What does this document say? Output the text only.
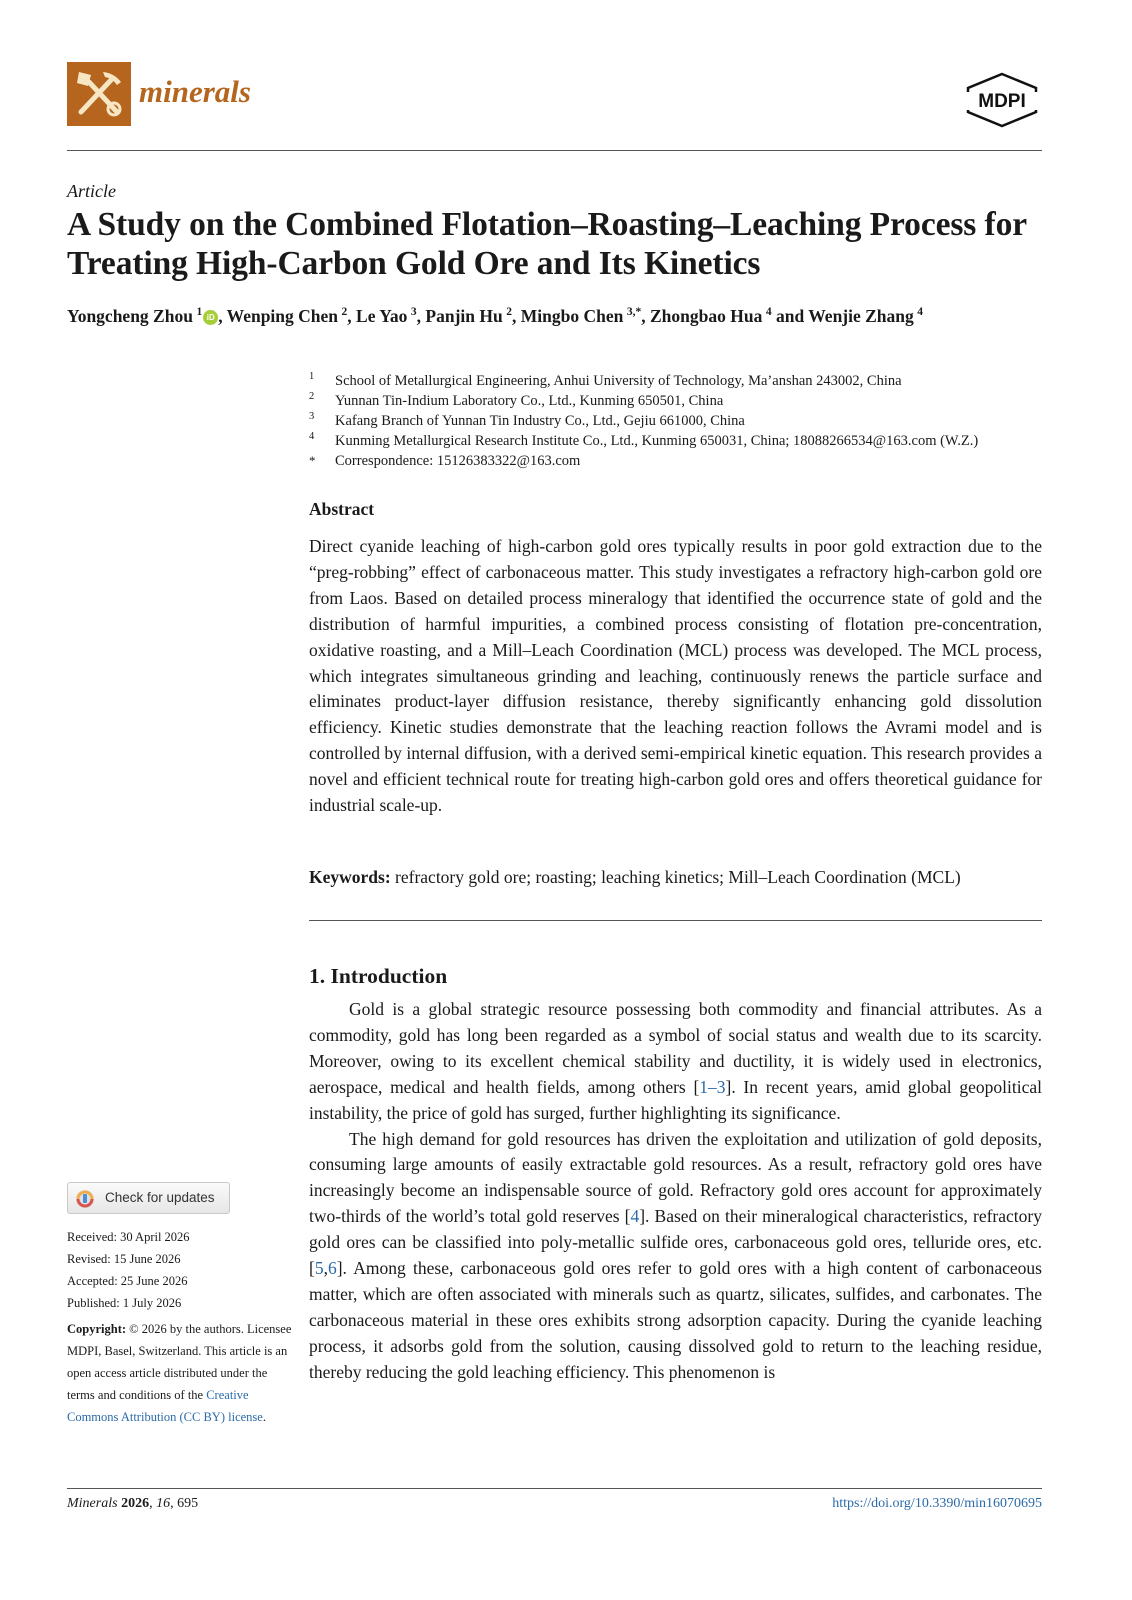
minerals	MDPI
Article
A Study on the Combined Flotation–Roasting–Leaching Process for Treating High-Carbon Gold Ore and Its Kinetics
Yongcheng Zhou  $^1$ iD , Wenping Chen  $^2$, Le Yao  $^3$, Panjin Hu  $^2$, Mingbo Chen  $^{3,*}$, Zhongbao Hua  $^4$ and Wenjie Zhang  $^4$
1 School of Metallurgical Engineering, Anhui University of Technology, Ma’anshan 243002, China
2 Yunnan Tin-Indium Laboratory Co., Ltd., Kunming 650501, China
3 Kafang Branch of Yunnan Tin Industry Co., Ltd., Gejiu 661000, China
4 Kunming Metallurgical Research Institute Co., Ltd., Kunming 650031, China; 18088266534@163.com (W.Z.)
* Correspondence: 15126383322@163.com
Abstract

Direct cyanide leaching of high-carbon gold ores typically results in poor gold extraction due to the “preg-robbing” effect of carbonaceous matter. This study investigates a refractory high-carbon gold ore from Laos. Based on detailed process mineralogy that identified the occurrence state of gold and the distribution of harmful impurities, a combined process consisting of flotation pre-concentration, oxidative roasting, and a Mill–Leach Coordination (MCL) process was developed. The MCL process, which integrates simultaneous grinding and leaching, continuously renews the particle surface and eliminates product-layer diffusion resistance, thereby significantly enhancing gold dissolution efficiency. Kinetic studies demonstrate that the leaching reaction follows the Avrami model and is controlled by internal diffusion, with a derived semi-empirical kinetic equation. This research provides a novel and efficient technical route for treating high-carbon gold ores and offers theoretical guidance for industrial scale-up.

Keywords: refractory gold ore; roasting; leaching kinetics; Mill–Leach Coordination (MCL)
1. Introduction

Gold is a global strategic resource possessing both commodity and financial attributes. As a commodity, gold has long been regarded as a symbol of social status and wealth due to its scarcity. Moreover, owing to its excellent chemical stability and ductility, it is widely used in electronics, aerospace, medical and health fields, among others [1–3]. In recent years, amid global geopolitical instability, the price of gold has surged, further highlighting its significance.

The high demand for gold resources has driven the exploitation and utilization of gold deposits, consuming large amounts of easily extractable gold resources. As a result, refractory gold ores have increasingly become an indispensable source of gold. Refractory gold ores account for approximately two-thirds of the world’s total gold reserves [4]. Based on their mineralogical characteristics, refractory gold ores can be classified into poly-metallic sulfide ores, carbonaceous gold ores, telluride ores, etc. [5,6]. Among these, carbonaceous gold ores refer to gold ores with a high content of carbonaceous matter, which are often associated with minerals such as quartz, silicates, sulfides, and carbonates. The carbonaceous material in these ores exhibits strong adsorption capacity. During the cyanide leaching process, it adsorbs gold from the solution, causing dissolved gold to return to the leaching residue, thereby reducing the gold leaching efficiency. This phenomenon is

Check for updates
Received: 30 April 2026
Revised: 15 June 2026
Accepted: 25 June 2026
Published: 1 July 2026
Copyright: © 2026 by the authors. Licensee MDPI, Basel, Switzerland. This article is an open access article distributed under the terms and conditions of the Creative Commons Attribution (CC BY) license.
Minerals 2026, 16, 695	https://doi.org/10.3390/min16070695
